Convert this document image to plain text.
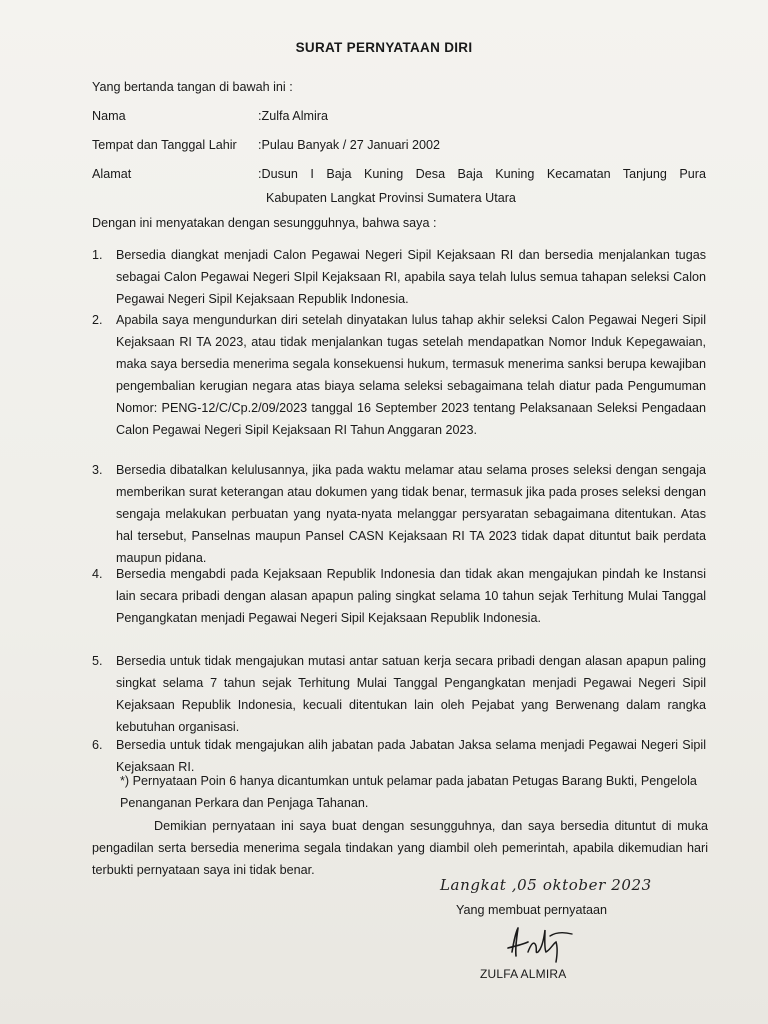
SURAT PERNYATAAN DIRI
Yang bertanda tangan di bawah ini :
Nama	:Zulfa Almira
Tempat dan Tanggal Lahir :Pulau Banyak / 27 Januari 2002
Alamat	:Dusun I Baja Kuning Desa Baja Kuning Kecamatan Tanjung Pura
Kabupaten Langkat Provinsi Sumatera Utara
Dengan ini menyatakan dengan sesungguhnya, bahwa saya :
1.	Bersedia diangkat menjadi Calon Pegawai Negeri Sipil Kejaksaan RI dan bersedia menjalankan tugas sebagai Calon Pegawai Negeri SIpil Kejaksaan RI, apabila saya telah lulus semua tahapan seleksi Calon Pegawai Negeri Sipil Kejaksaan Republik Indonesia.
2.	Apabila saya mengundurkan diri setelah dinyatakan lulus tahap akhir seleksi Calon Pegawai Negeri Sipil Kejaksaan RI TA 2023, atau tidak menjalankan tugas setelah mendapatkan Nomor Induk Kepegawaian, maka saya bersedia menerima segala konsekuensi hukum, termasuk menerima sanksi berupa kewajiban pengembalian kerugian negara atas biaya selama seleksi sebagaimana telah diatur pada Pengumuman Nomor: PENG-12/C/Cp.2/09/2023 tanggal 16 September 2023 tentang Pelaksanaan Seleksi Pengadaan Calon Pegawai Negeri Sipil Kejaksaan RI Tahun Anggaran 2023.
3.	Bersedia dibatalkan kelulusannya, jika pada waktu melamar atau selama proses seleksi dengan sengaja memberikan surat keterangan atau dokumen yang tidak benar, termasuk jika pada proses seleksi dengan sengaja melakukan perbuatan yang nyata-nyata melanggar persyaratan sebagaimana ditentukan. Atas hal tersebut, Panselnas maupun Pansel CASN Kejaksaan RI TA 2023 tidak dapat dituntut baik perdata maupun pidana.
4.	Bersedia mengabdi pada Kejaksaan Republik Indonesia dan tidak akan mengajukan pindah ke Instansi lain secara pribadi dengan alasan apapun paling singkat selama 10 tahun sejak Terhitung Mulai Tanggal Pengangkatan menjadi Pegawai Negeri Sipil Kejaksaan Republik Indonesia.
5.	Bersedia untuk tidak mengajukan mutasi antar satuan kerja secara pribadi dengan alasan apapun paling singkat selama 7 tahun sejak Terhitung Mulai Tanggal Pengangkatan menjadi Pegawai Negeri Sipil Kejaksaan Republik Indonesia, kecuali ditentukan lain oleh Pejabat yang Berwenang dalam rangka kebutuhan organisasi.
6.	Bersedia untuk tidak mengajukan alih jabatan pada Jabatan Jaksa selama menjadi Pegawai Negeri Sipil Kejaksaan RI.
*) Pernyataan Poin 6 hanya dicantumkan untuk pelamar pada jabatan Petugas Barang Bukti, Pengelola Penanganan Perkara dan Penjaga Tahanan.
Demikian pernyataan ini saya buat dengan sesungguhnya, dan saya bersedia dituntut di muka pengadilan serta bersedia menerima segala tindakan yang diambil oleh pemerintah, apabila dikemudian hari terbukti pernyataan saya ini tidak benar.
Langkat ,05 oktober 2023
Yang membuat pernyataan
ZULFA ALMIRA
